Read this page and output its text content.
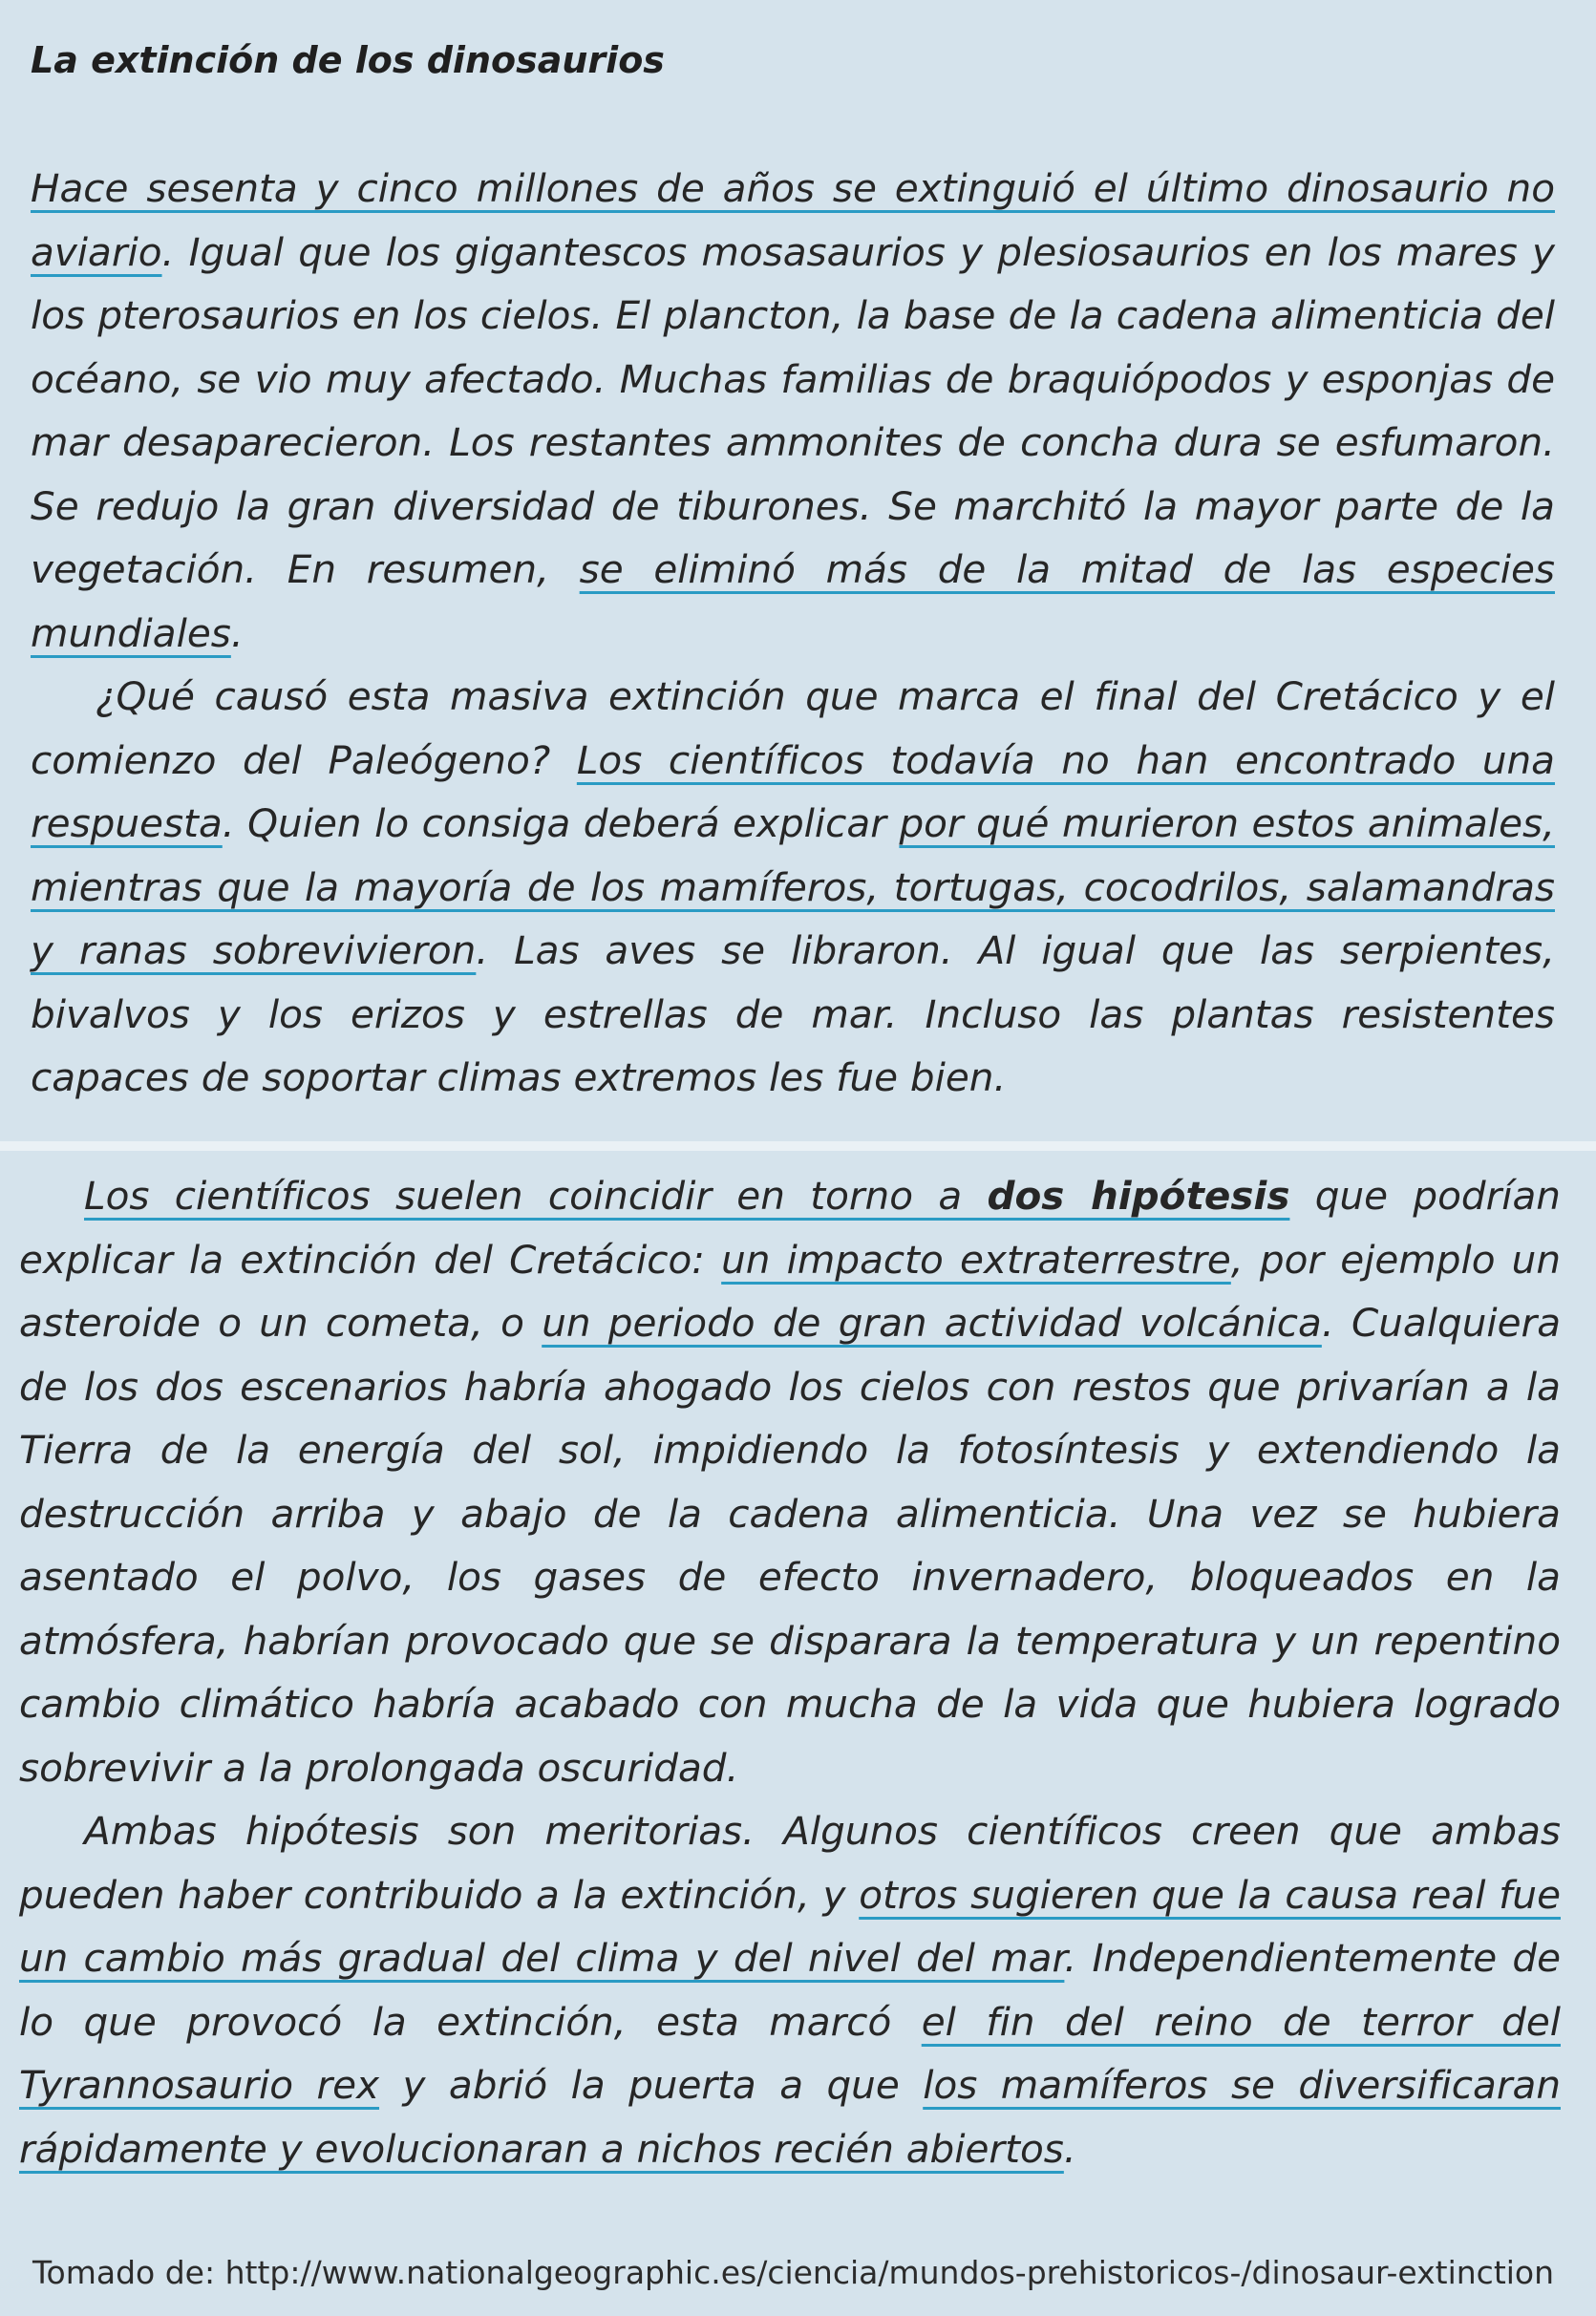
La extinción de los dinosaurios

Hace sesenta y cinco millones de años se extinguió el último dinosaurio no aviario. Igual que los gigantescos mosasaurios y plesiosaurios en los mares y los pterosaurios en los cielos. El plancton, la base de la cadena alimenticia del océano, se vio muy afectado. Muchas familias de braquiópodos y esponjas de mar desaparecieron. Los restantes ammonites de concha dura se esfumaron. Se redujo la gran diversidad de tiburones. Se marchitó la mayor parte de la vegetación. En resumen, se eliminó más de la mitad de las especies mundiales.

¿Qué causó esta masiva extinción que marca el final del Cretácico y el comienzo del Paleógeno? Los científicos todavía no han encontrado una respuesta. Quien lo consiga deberá explicar por qué murieron estos animales, mientras que la mayoría de los mamíferos, tortugas, cocodrilos, salamandras y ranas sobrevivieron. Las aves se libraron. Al igual que las serpientes, bivalvos y los erizos y estrellas de mar. Incluso las plantas resistentes capaces de soportar climas extremos les fue bien.

Los científicos suelen coincidir en torno a dos hipótesis que podrían explicar la extinción del Cretácico: un impacto extraterrestre, por ejemplo un asteroide o un cometa, o un periodo de gran actividad volcánica. Cualquiera de los dos escenarios habría ahogado los cielos con restos que privarían a la Tierra de la energía del sol, impidiendo la fotosíntesis y extendiendo la destrucción arriba y abajo de la cadena alimenticia. Una vez se hubiera asentado el polvo, los gases de efecto invernadero, bloqueados en la atmósfera, habrían provocado que se disparara la temperatura y un repentino cambio climático habría acabado con mucha de la vida que hubiera logrado sobrevivir a la prolongada oscuridad.

Ambas hipótesis son meritorias. Algunos científicos creen que ambas pueden haber contribuido a la extinción, y otros sugieren que la causa real fue un cambio más gradual del clima y del nivel del mar. Independientemente de lo que provocó la extinción, esta marcó el fin del reino de terror del Tyrannosaurio rex y abrió la puerta a que los mamíferos se diversificaran rápidamente y evolucionaran a nichos recién abiertos.

Tomado de: http://www.nationalgeographic.es/ciencia/mundos-prehistoricos-/dinosaur-extinction
